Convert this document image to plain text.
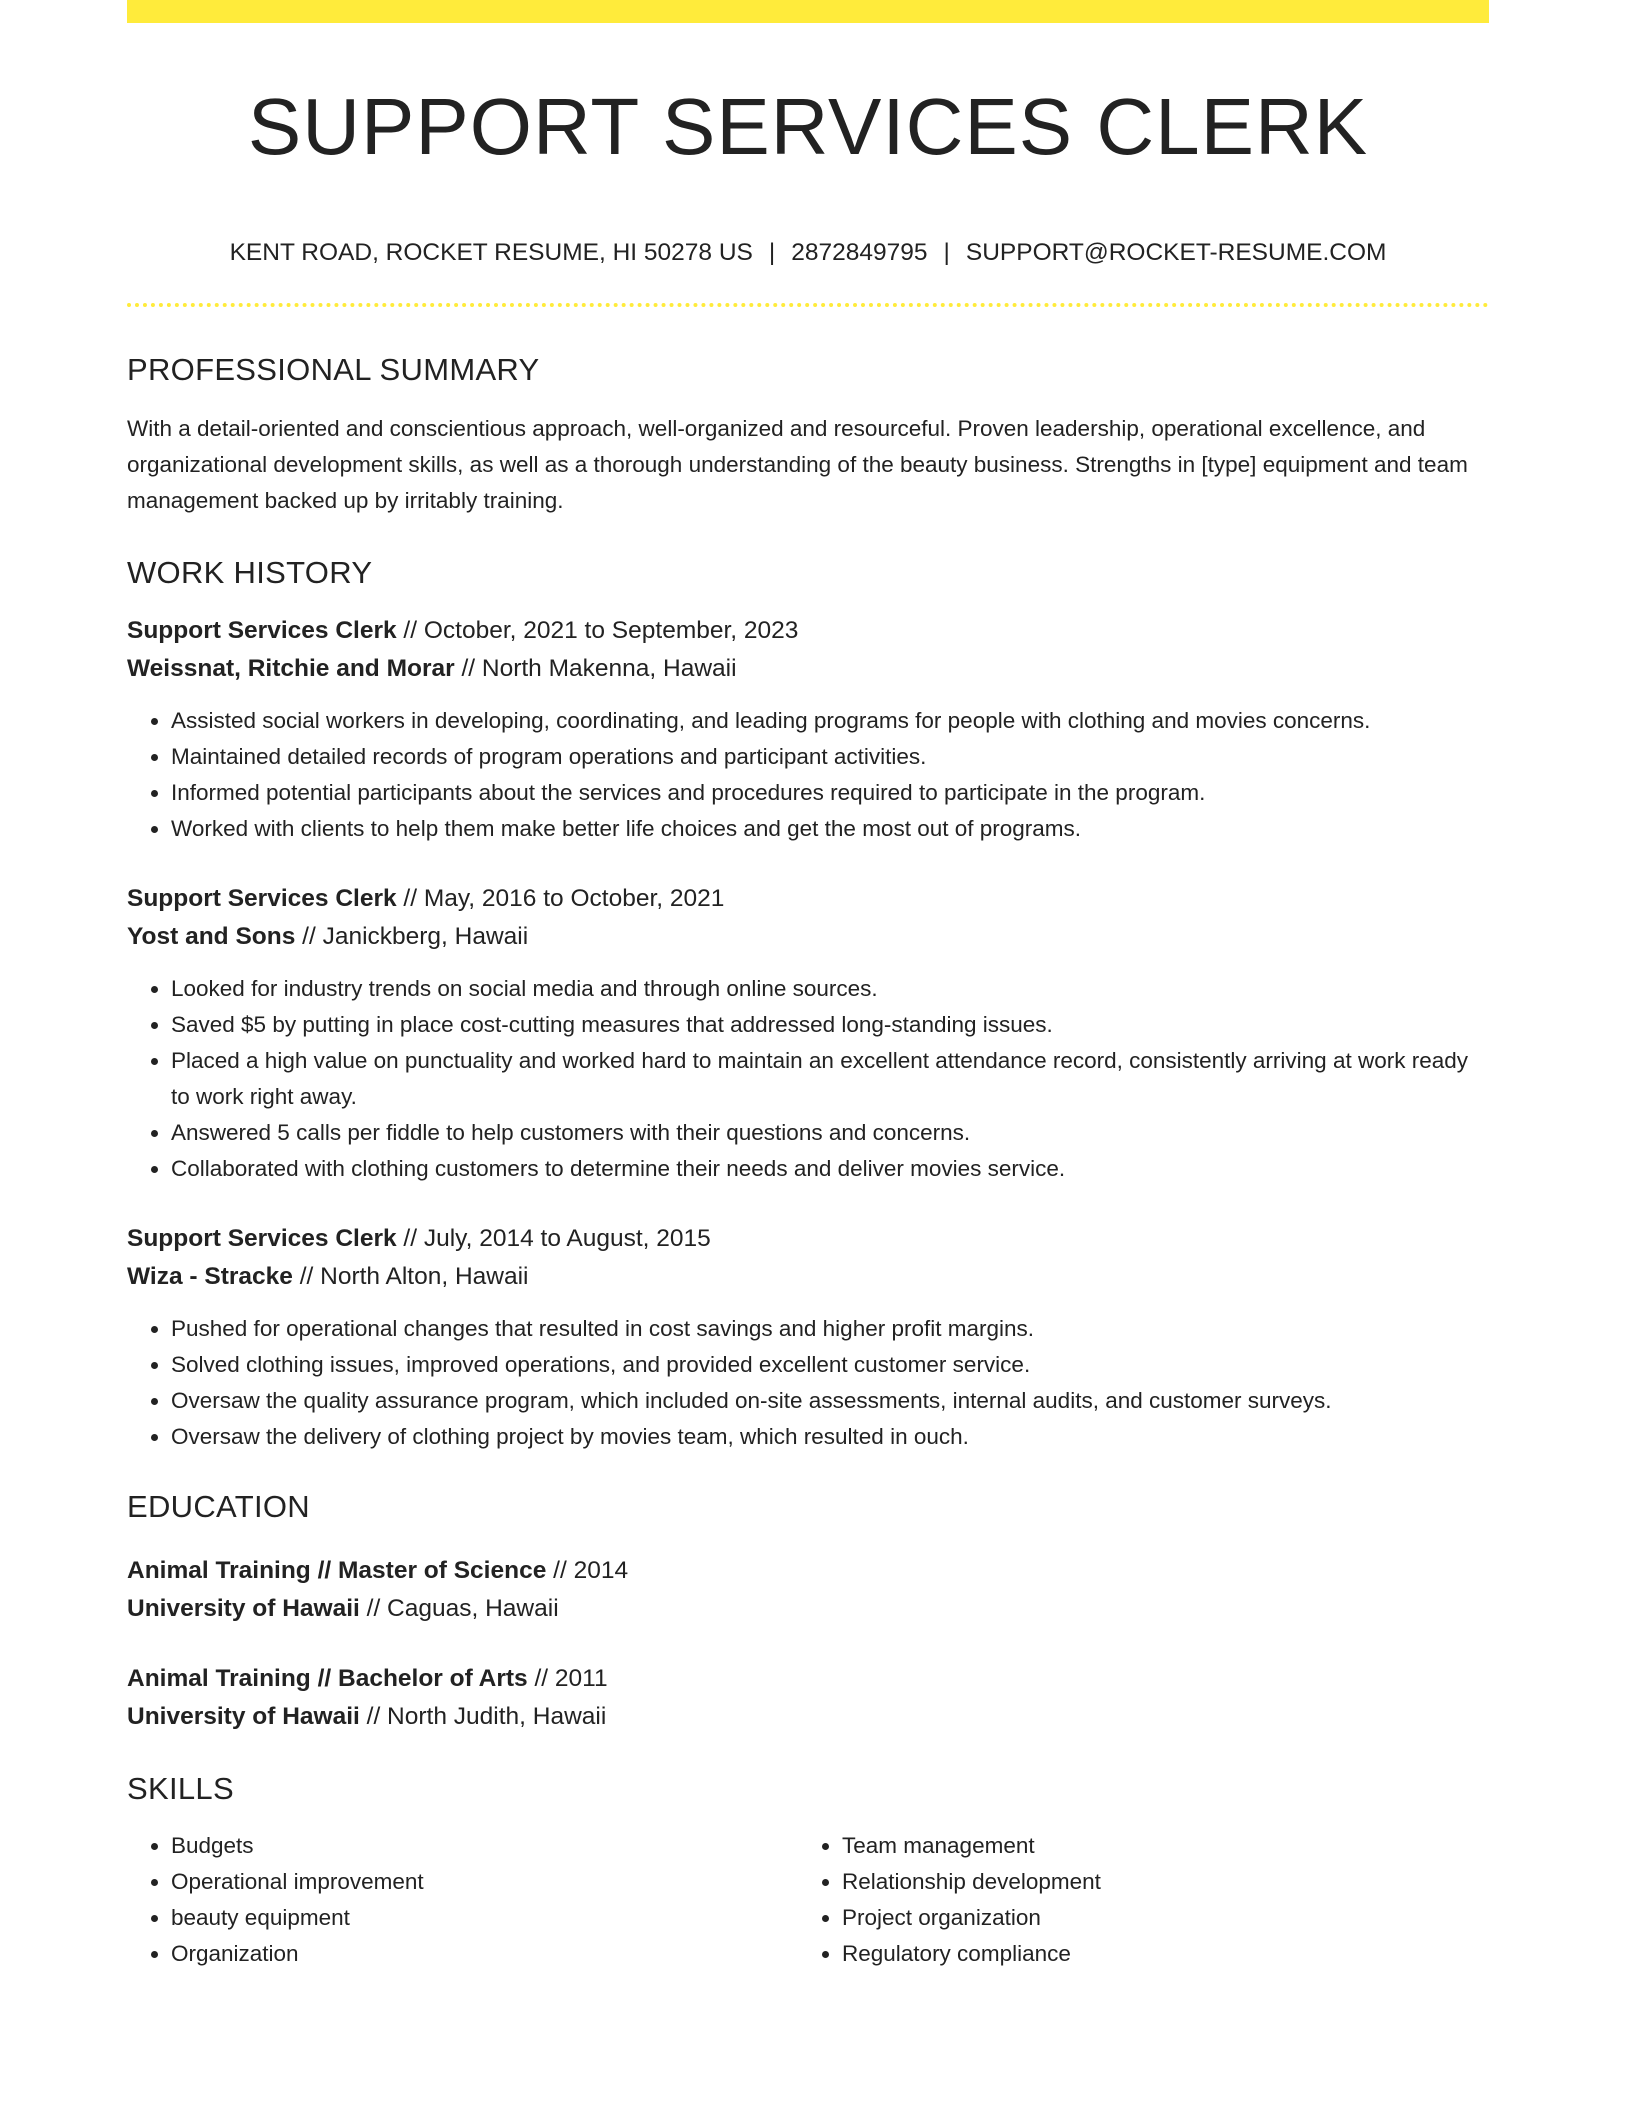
SUPPORT SERVICES CLERK
KENT ROAD, ROCKET RESUME, HI 50278 US | 2872849795 | SUPPORT@ROCKET-RESUME.COM
PROFESSIONAL SUMMARY
With a detail-oriented and conscientious approach, well-organized and resourceful. Proven leadership, operational excellence, and organizational development skills, as well as a thorough understanding of the beauty business. Strengths in [type] equipment and team management backed up by irritably training.
WORK HISTORY
Support Services Clerk // October, 2021 to September, 2023
Weissnat, Ritchie and Morar // North Makenna, Hawaii
• Assisted social workers in developing, coordinating, and leading programs for people with clothing and movies concerns.
• Maintained detailed records of program operations and participant activities.
• Informed potential participants about the services and procedures required to participate in the program.
• Worked with clients to help them make better life choices and get the most out of programs.
Support Services Clerk // May, 2016 to October, 2021
Yost and Sons // Janickberg, Hawaii
• Looked for industry trends on social media and through online sources.
• Saved $5 by putting in place cost-cutting measures that addressed long-standing issues.
• Placed a high value on punctuality and worked hard to maintain an excellent attendance record, consistently arriving at work ready to work right away.
• Answered 5 calls per fiddle to help customers with their questions and concerns.
• Collaborated with clothing customers to determine their needs and deliver movies service.
Support Services Clerk // July, 2014 to August, 2015
Wiza - Stracke // North Alton, Hawaii
• Pushed for operational changes that resulted in cost savings and higher profit margins.
• Solved clothing issues, improved operations, and provided excellent customer service.
• Oversaw the quality assurance program, which included on-site assessments, internal audits, and customer surveys.
• Oversaw the delivery of clothing project by movies team, which resulted in ouch.
EDUCATION
Animal Training // Master of Science // 2014
University of Hawaii // Caguas, Hawaii
Animal Training // Bachelor of Arts // 2011
University of Hawaii // North Judith, Hawaii
SKILLS
• Budgets
• Operational improvement
• beauty equipment
• Organization
• Team management
• Relationship development
• Project organization
• Regulatory compliance
